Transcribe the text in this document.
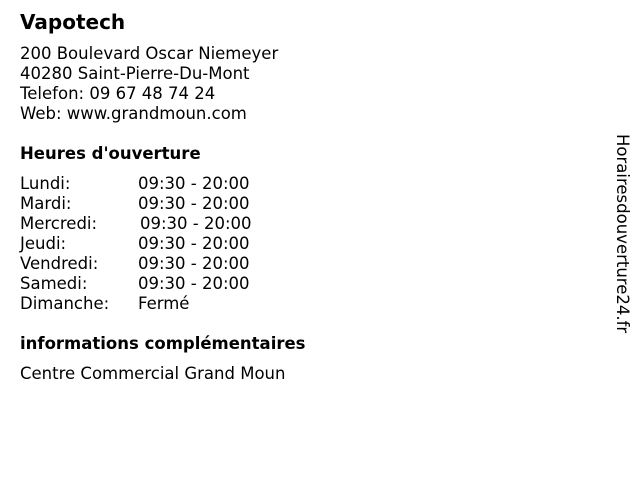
Vapotech
200 Boulevard Oscar Niemeyer
40280 Saint-Pierre-Du-Mont
Telefon: 09 67 48 74 24
Web: www.grandmoun.com
Heures d'ouverture
Lundi:	09:30 - 20:00
Mardi:	09:30 - 20:00
Mercredi:	09:30 - 20:00
Jeudi:	09:30 - 20:00
Vendredi: 09:30 - 20:00
Samedi:	09:30 - 20:00
Dimanche: Fermé
informations complémentaires
Centre Commercial Grand Moun
Horairesdouverture24.fr
